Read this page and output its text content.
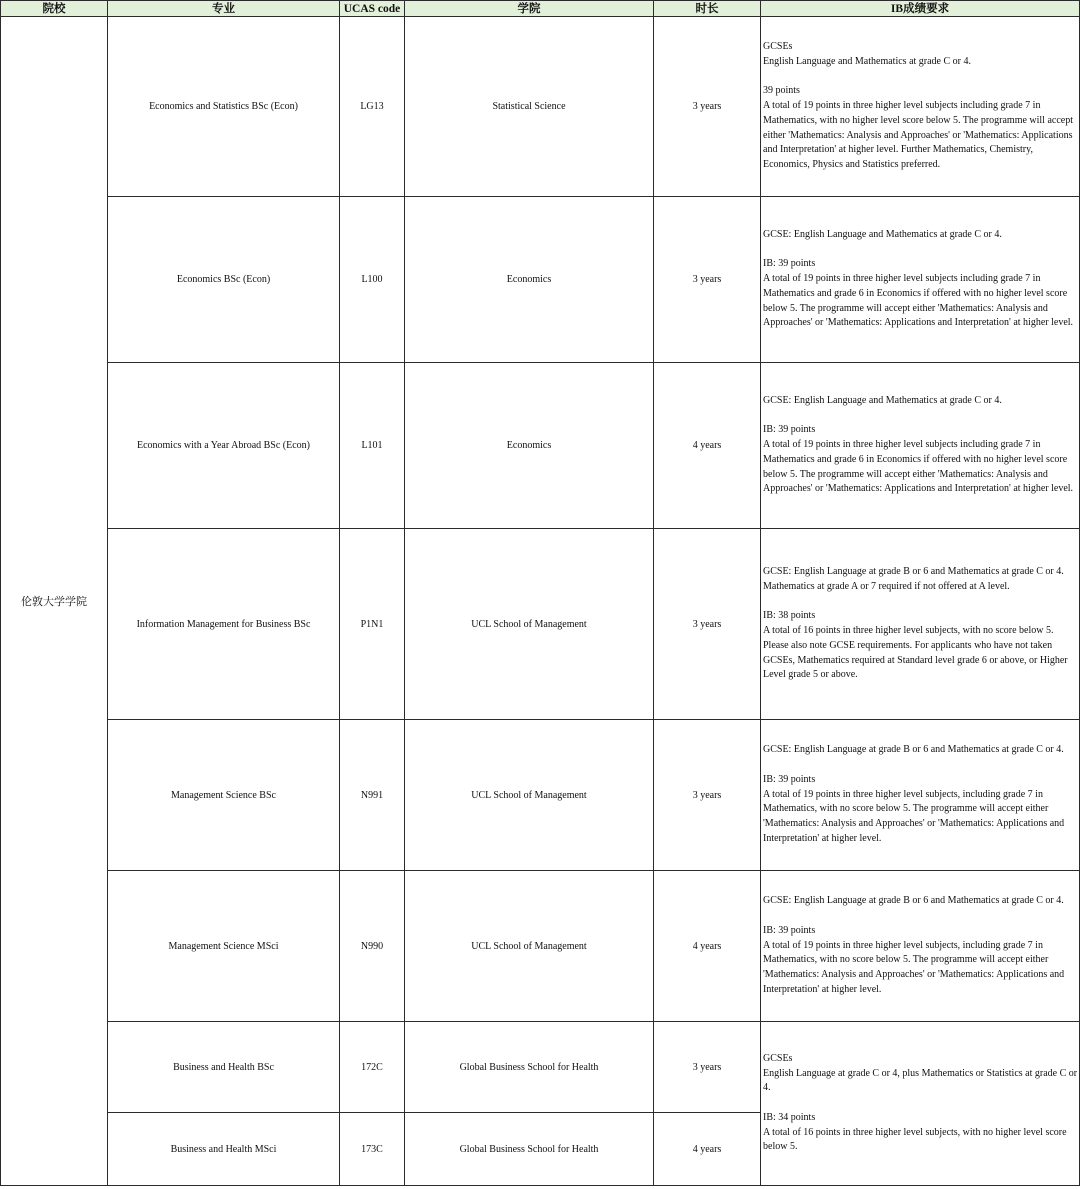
院校	专业	UCAS code	学院	时长	IB成绩要求
伦敦大学学院	Economics and Statistics BSc (Econ)	LG13	Statistical Science	3 years	GCSEs
English Language and Mathematics at grade C or 4.
39 points
A total of 19 points in three higher level subjects including grade 7 in Mathematics, with no higher level score below 5. The programme will accept either 'Mathematics: Analysis and Approaches' or 'Mathematics: Applications and Interpretation' at higher level. Further Mathematics, Chemistry, Economics, Physics and Statistics preferred.

	Economics BSc (Econ)	L100	Economics	3 years	GCSE: English Language and Mathematics at grade C or 4.
IB: 39 points
A total of 19 points in three higher level subjects including grade 7 in Mathematics and grade 6 in Economics if offered with no higher level score below 5. The programme will accept either 'Mathematics: Analysis and Approaches' or 'Mathematics: Applications and Interpretation' at higher level.

	Economics with a Year Abroad BSc (Econ)	L101	Economics	4 years	GCSE: English Language and Mathematics at grade C or 4.
IB: 39 points
A total of 19 points in three higher level subjects including grade 7 in Mathematics and grade 6 in Economics if offered with no higher level score below 5. The programme will accept either 'Mathematics: Analysis and Approaches' or 'Mathematics: Applications and Interpretation' at higher level.

	Information Management for Business BSc	P1N1	UCL School of Management	3 years	GCSE: English Language at grade B or 6 and Mathematics at grade C or 4. Mathematics at grade A or 7 required if not offered at A level.
IB: 38 points
A total of 16 points in three higher level subjects, with no score below 5. Please also note GCSE requirements. For applicants who have not taken GCSEs, Mathematics required at Standard level grade 6 or above, or Higher Level grade 5 or above.

	Management Science BSc	N991	UCL School of Management	3 years	GCSE: English Language at grade B or 6 and Mathematics at grade C or 4.
IB: 39 points
A total of 19 points in three higher level subjects, including grade 7 in Mathematics, with no score below 5. The programme will accept either 'Mathematics: Analysis and Approaches' or 'Mathematics: Applications and Interpretation' at higher level.

	Management Science MSci	N990	UCL School of Management	4 years	GCSE: English Language at grade B or 6 and Mathematics at grade C or 4.
IB: 39 points
A total of 19 points in three higher level subjects, including grade 7 in Mathematics, with no score below 5. The programme will accept either 'Mathematics: Analysis and Approaches' or 'Mathematics: Applications and Interpretation' at higher level.

	Business and Health BSc	172C	Global Business School for Health	3 years	GCSEs
English Language at grade C or 4, plus Mathematics or Statistics at grade C or 4.
IB: 34 points
A total of 16 points in three higher level subjects, with no higher level score below 5.

	Business and Health MSci	173C	Global Business School for Health	4 years	
